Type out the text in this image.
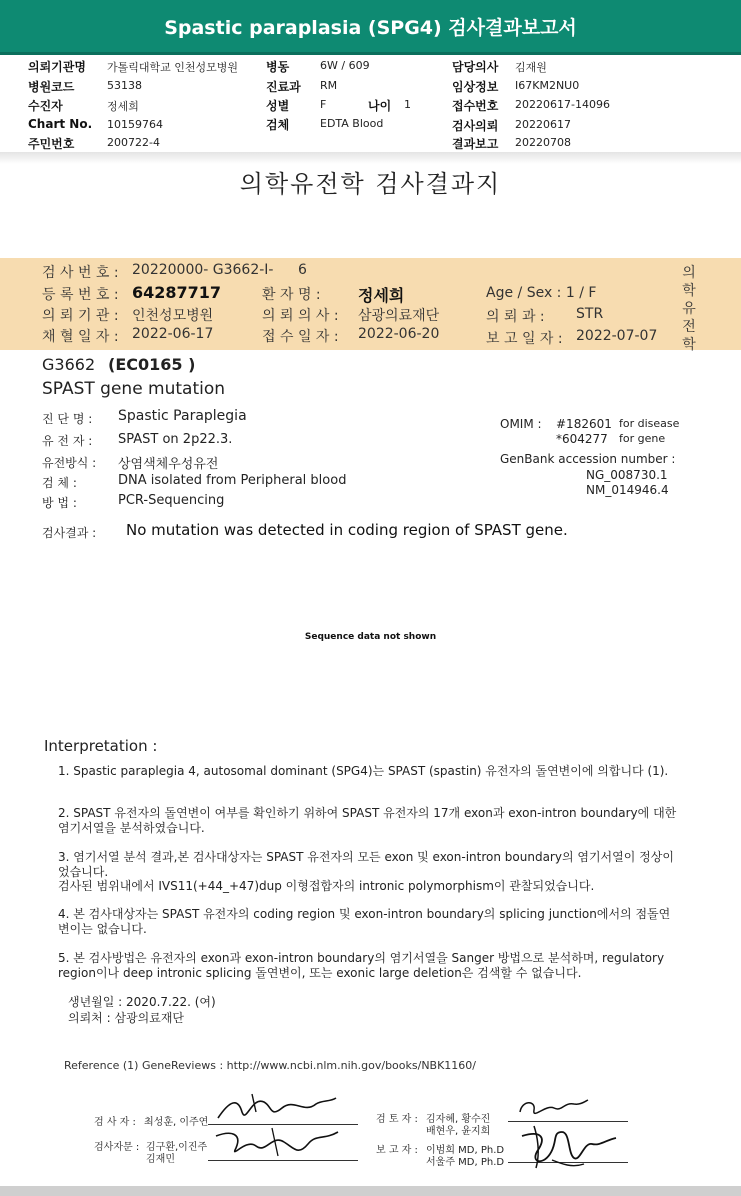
Spastic paraplasia (SPG4) 검사결과보고서
의뢰기관명 가톨릭대학교 인천성모병원
병원코드	53138
수진자	정세희
Chart No. 10159764
주민번호	200722-4
병동	6W / 609
진료과 RM
성별	F	나이 1
검체	EDTA Blood
담당의사 김재원
임상정보 I67KM2NU0
접수번호 20220617-14096
검사의뢰 20220617
결과보고 20220708
의학유전학 검사결과지
검 사 번 호 : 20220000- G3662-I- 6
등 록 번 호 : 64287717	환 자 명 : 정세희	Age / Sex : 1 / F
의 뢰 기 관 : 인천성모병원	의 뢰 의 사 : 삼광의료재단	의 뢰 과 : STR
채 혈 일 자 : 2022-06-17	접 수 일 자 : 2022-06-20	보 고 일 자 : 2022-07-07
의
학
유
전
학
G3662 (EC0165 )
SPAST gene mutation
진 단 명 : Spastic Paraplegia
유 전 자 : SPAST on 2p22.3.
유전방식 : 상염색체우성유전
검 체 :	DNA isolated from Peripheral blood
방 법 :	PCR-Sequencing
OMIM : #182601 for disease
*604277 for gene
GenBank accession number :
NG_008730.1
NM_014946.4
검사결과 : No mutation was detected in coding region of SPAST gene.
Sequence data not shown
Interpretation :
1. Spastic paraplegia 4, autosomal dominant (SPG4)는 SPAST (spastin) 유전자의 돌연변이에 의합니다 (1).
2. SPAST 유전자의 돌연변이 여부를 확인하기 위하여 SPAST 유전자의 17개 exon과 exon-intron boundary에 대한 염기서열을 분석하였습니다.
3. 염기서열 분석 결과,본 검사대상자는 SPAST 유전자의 모든 exon 및 exon-intron boundary의 염기서열이 정상이었습니다.
검사된 범위내에서 IVS11(+44_+47)dup 이형접합자의 intronic polymorphism이 관찰되었습니다.
4. 본 검사대상자는 SPAST 유전자의 coding region 및 exon-intron boundary의 splicing junction에서의 점돌연변이는 없습니다.
5. 본 검사방법은 유전자의 exon과 exon-intron boundary의 염기서열을 Sanger 방법으로 분석하며, regulatory region이나 deep intronic splicing 돌연변이, 또는 exonic large deletion은 검색할 수 없습니다.
생년월일 : 2020.7.22. (여)
의뢰처 : 삼광의료재단
Reference (1) GeneReviews : http://www.ncbi.nlm.nih.gov/books/NBK1160/
검 사 자 : 최성훈, 이주연
검사자문 : 김구환,이진주
김재민
검 토 자 : 김자혜, 황수진
배현우, 윤지희
보 고 자 : 이범희 MD, Ph.D
서울주 MD, Ph.D
